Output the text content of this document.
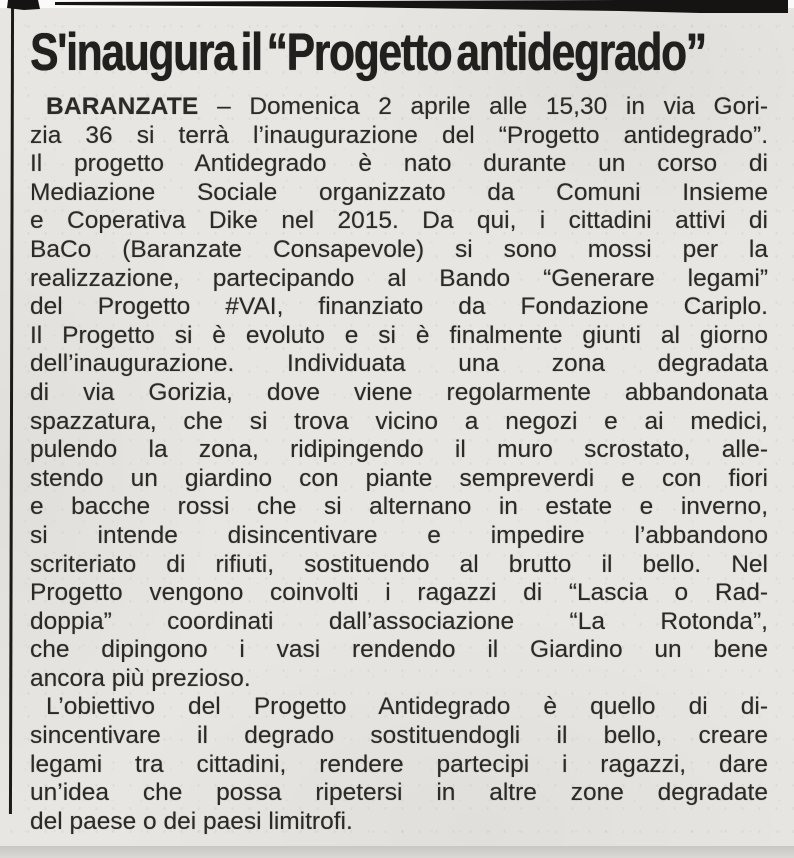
S'inaugura il “Progetto antidegrado”
BARANZATE – Domenica 2 aprile alle 15,30 in via Gori-
zia 36 si terrà l’inaugurazione del “Progetto antidegrado”.
Il progetto Antidegrado è nato durante un corso di
Mediazione Sociale organizzato da Comuni Insieme
e Coperativa Dike nel 2015. Da qui, i cittadini attivi di
BaCo (Baranzate Consapevole) si sono mossi per la
realizzazione, partecipando al Bando “Generare legami”
del Progetto #VAI, finanziato da Fondazione Cariplo.
Il Progetto si è evoluto e si è finalmente giunti al giorno
dell’inaugurazione. Individuata una zona degradata
di via Gorizia, dove viene regolarmente abbandonata
spazzatura, che si trova vicino a negozi e ai medici,
pulendo la zona, ridipingendo il muro scrostato, alle-
stendo un giardino con piante sempreverdi e con fiori
e bacche rossi che si alternano in estate e inverno,
si intende disincentivare e impedire l’abbandono
scriteriato di rifiuti, sostituendo al brutto il bello. Nel
Progetto vengono coinvolti i ragazzi di “Lascia o Rad-
doppia” coordinati dall’associazione “La Rotonda”,
che dipingono i vasi rendendo il Giardino un bene
ancora più prezioso.
L’obiettivo del Progetto Antidegrado è quello di di-
sincentivare il degrado sostituendogli il bello, creare
legami tra cittadini, rendere partecipi i ragazzi, dare
un’idea che possa ripetersi in altre zone degradate
del paese o dei paesi limitrofi.
